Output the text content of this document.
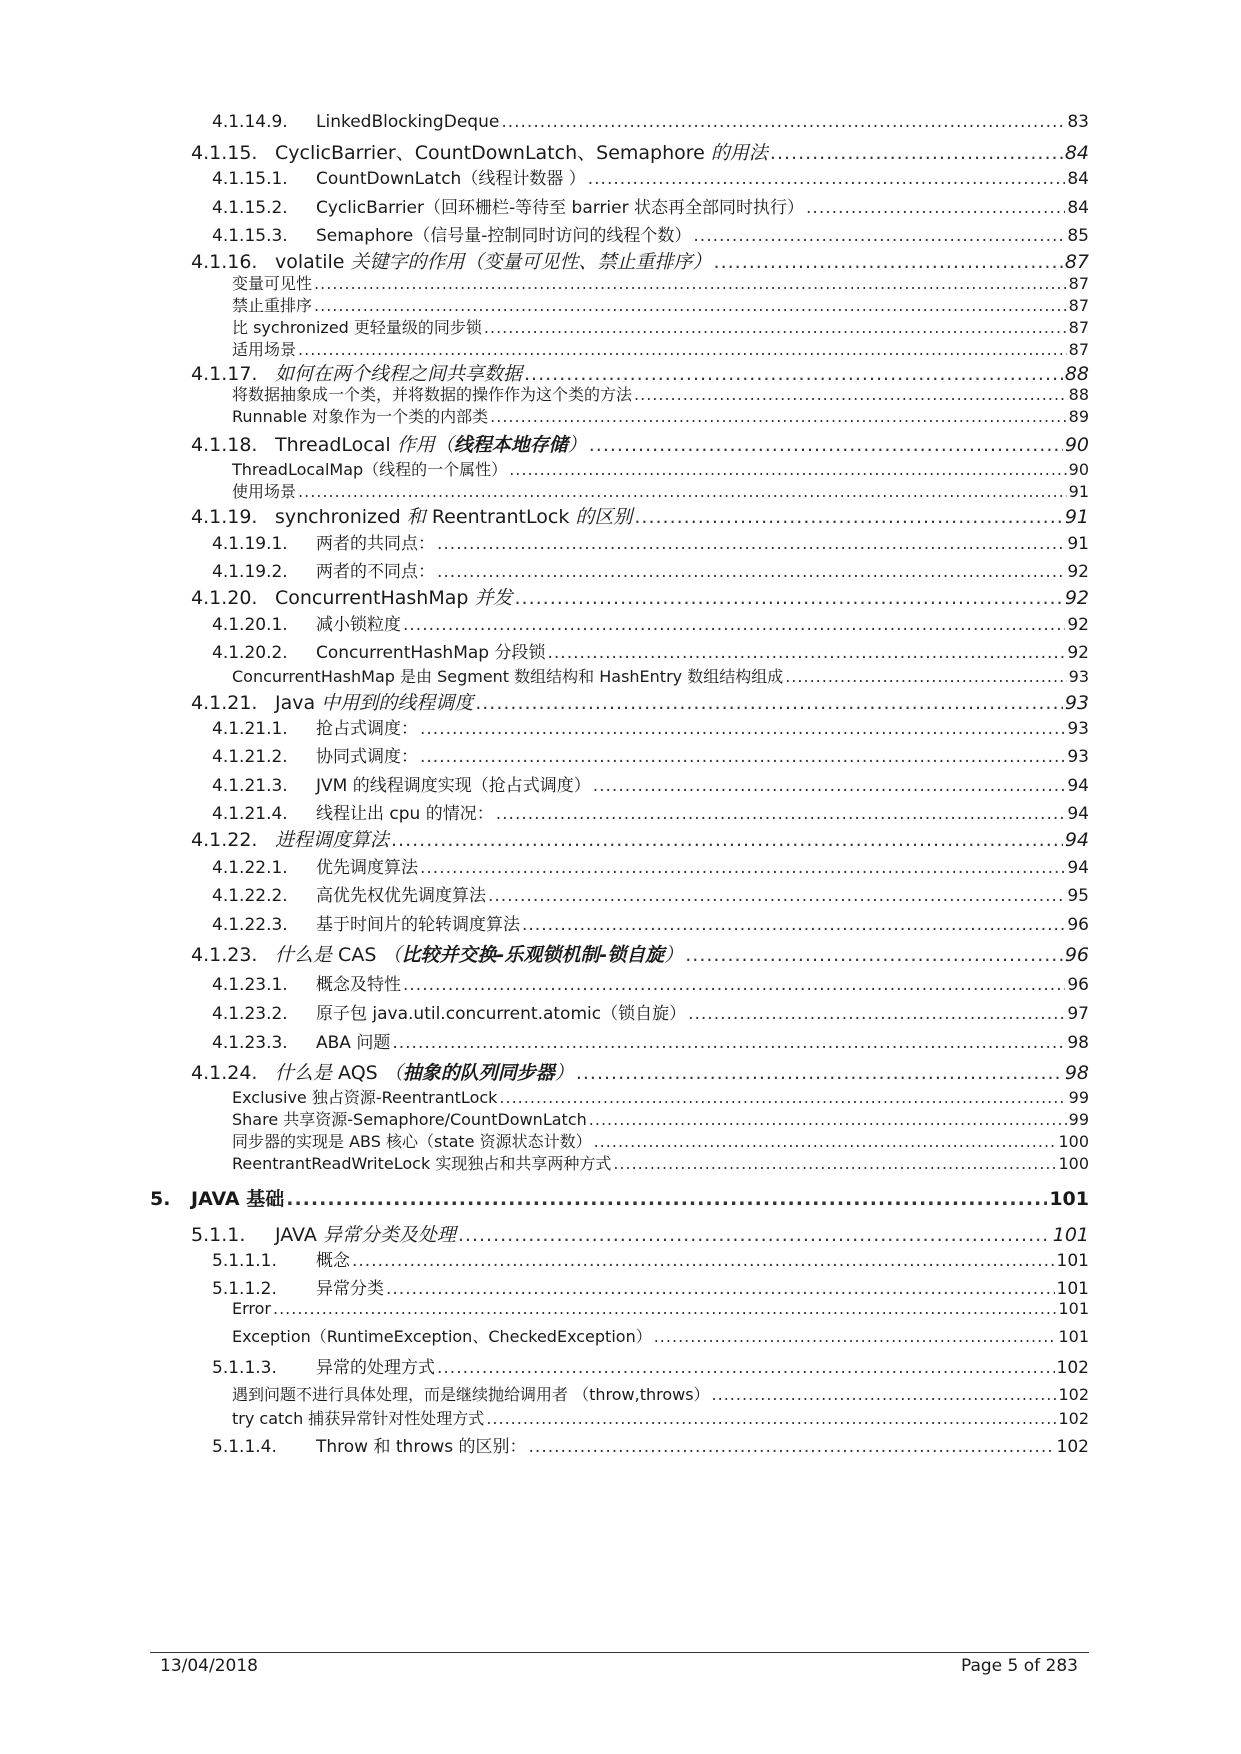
4.1.14.9.	LinkedBlockingDeque .....	83
4.1.15. CyclicBarrier、CountDownLatch、Semaphore 的用法 .....	84
4.1.15.1.	CountDownLatch（线程计数器 ） .....	84
4.1.15.2.	CyclicBarrier（回环栅栏-等待至 barrier 状态再全部同时执行） .....	84
4.1.15.3.	Semaphore（信号量-控制同时访问的线程个数） .....	85
4.1.16. volatile 关键字的作用（变量可见性、禁止重排序） .....	87
变量可见性 .....	87
禁止重排序 .....	87
比 sychronized 更轻量级的同步锁 .....	87
适用场景 .....	87
4.1.17. 如何在两个线程之间共享数据 .....	88
将数据抽象成一个类，并将数据的操作作为这个类的方法 .....	88
Runnable 对象作为一个类的内部类 .....	89
4.1.18. ThreadLocal 作用（线程本地存储） .....	90
ThreadLocalMap（线程的一个属性） .....	90
使用场景 .....	91
4.1.19. synchronized 和 ReentrantLock 的区别 .....	91
4.1.19.1.	两者的共同点： .....	91
4.1.19.2.	两者的不同点： .....	92
4.1.20. ConcurrentHashMap 并发 .....	92
4.1.20.1.	减小锁粒度 .....	92
4.1.20.2.	ConcurrentHashMap 分段锁 .....	92
ConcurrentHashMap 是由 Segment 数组结构和 HashEntry 数组结构组成 .....	93
4.1.21. Java 中用到的线程调度 .....	93
4.1.21.1.	抢占式调度： .....	93
4.1.21.2.	协同式调度： .....	93
4.1.21.3.	JVM 的线程调度实现（抢占式调度） .....	94
4.1.21.4.	线程让出 cpu 的情况： .....	94
4.1.22. 进程调度算法 .....	94
4.1.22.1.	优先调度算法 .....	94
4.1.22.2.	高优先权优先调度算法 .....	95
4.1.22.3.	基于时间片的轮转调度算法 .....	96
4.1.23. 什么是 CAS （比较并交换-乐观锁机制-锁自旋） .....	96
4.1.23.1.	概念及特性 .....	96
4.1.23.2.	原子包 java.util.concurrent.atomic（锁自旋） .....	97
4.1.23.3.	ABA 问题 .....	98
4.1.24. 什么是 AQS （抽象的队列同步器） .....	98
Exclusive 独占资源-ReentrantLock .....	99
Share 共享资源-Semaphore/CountDownLatch .....	99
同步器的实现是 ABS 核心（state 资源状态计数） .....	100
ReentrantReadWriteLock 实现独占和共享两种方式 .....	100
5.	JAVA 基础 .....	101
5.1.1.	JAVA 异常分类及处理 .....	101
5.1.1.1.	概念 .....	101
5.1.1.2.	异常分类 .....	101
Error .....	101
Exception（RuntimeException、CheckedException） .....	101
5.1.1.3.	异常的处理方式 .....	102
遇到问题不进行具体处理，而是继续抛给调用者 （throw,throws） .....	102
try catch 捕获异常针对性处理方式 .....	102
5.1.1.4.	Throw 和 throws 的区别： .....	102
13/04/2018	Page 5 of 283
